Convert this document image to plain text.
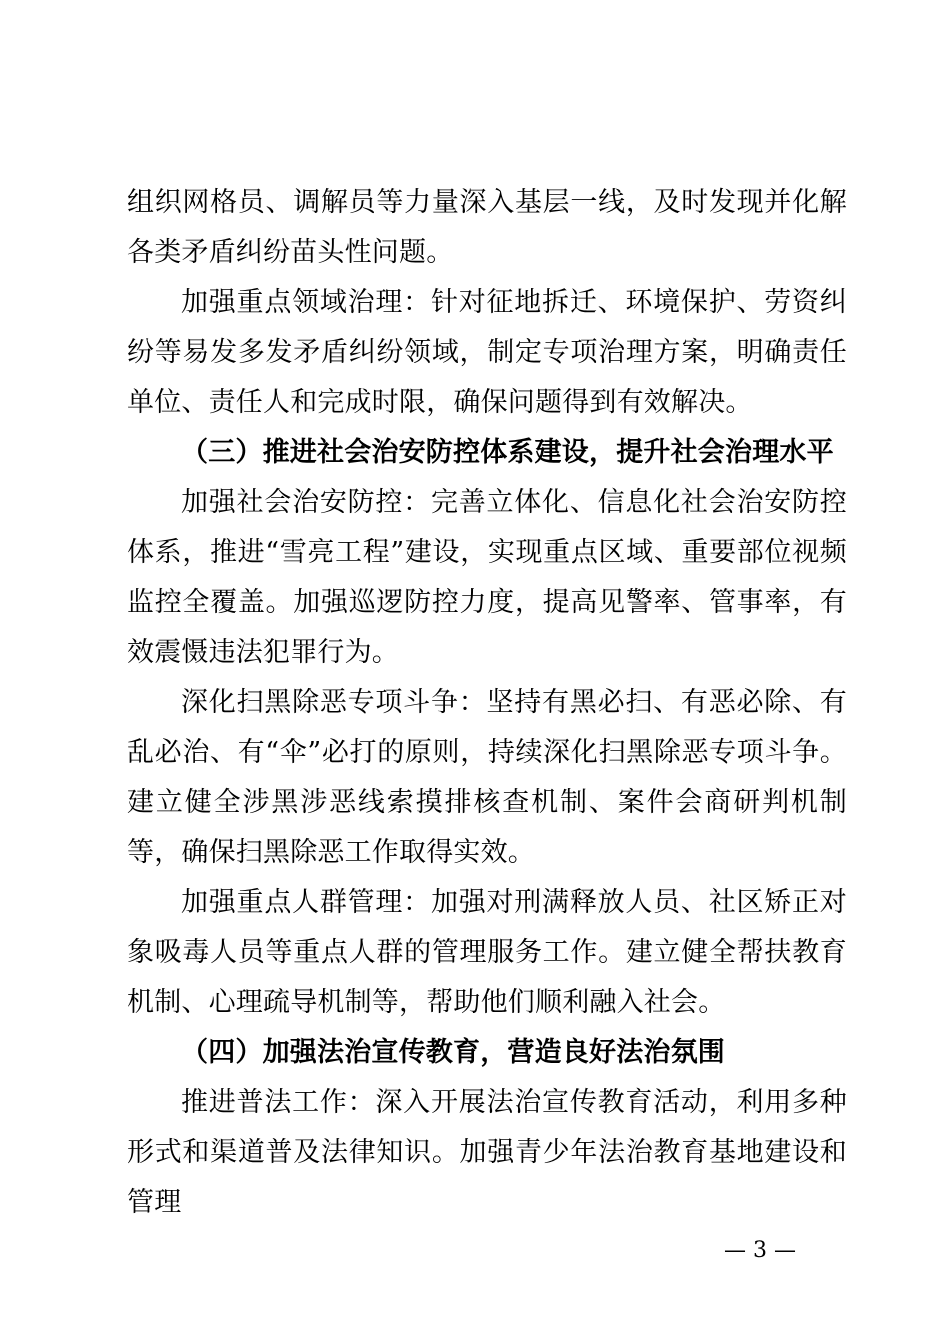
组织网格员、调解员等力量深入基层一线，及时发现并化解各类矛盾纠纷苗头性问题。

加强重点领域治理：针对征地拆迁、环境保护、劳资纠纷等易发多发矛盾纠纷领域，制定专项治理方案，明确责任单位、责任人和完成时限，确保问题得到有效解决。

（三）推进社会治安防控体系建设，提升社会治理水平

加强社会治安防控：完善立体化、信息化社会治安防控体系，推进“雪亮工程”建设，实现重点区域、重要部位视频监控全覆盖。加强巡逻防控力度，提高见警率、管事率，有效震慑违法犯罪行为。

深化扫黑除恶专项斗争：坚持有黑必扫、有恶必除、有乱必治、有“伞”必打的原则，持续深化扫黑除恶专项斗争。建立健全涉黑涉恶线索摸排核查机制、案件会商研判机制等，确保扫黑除恶工作取得实效。

加强重点人群管理：加强对刑满释放人员、社区矫正对象吸毒人员等重点人群的管理服务工作。建立健全帮扶教育机制、心理疏导机制等，帮助他们顺利融入社会。

（四）加强法治宣传教育，营造良好法治氛围

推进普法工作：深入开展法治宣传教育活动，利用多种形式和渠道普及法律知识。加强青少年法治教育基地建设和管理

— 3 —
